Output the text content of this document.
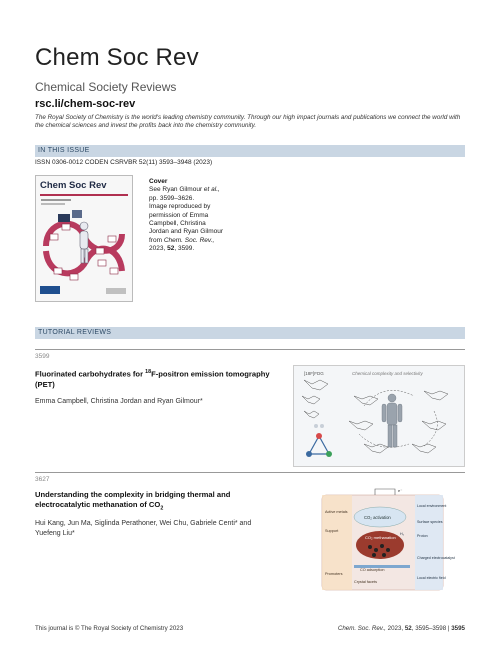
Chem Soc Rev
Chemical Society Reviews
rsc.li/chem-soc-rev
The Royal Society of Chemistry is the world's leading chemistry community. Through our high impact journals and publications we connect the world with the chemical sciences and invest the profits back into the chemistry community.
IN THIS ISSUE
ISSN 0306-0012 CODEN CSRVBR 52(11) 3593–3948 (2023)
Chem Soc Rev	Cover
See Ryan Gilmour et al.,
pp. 3599–3626.
Image reproduced by
permission of Emma
Campbell, Christina
Jordan and Ryan Gilmour
from Chem. Soc. Rev.,
2023, 52, 3599.
TUTORIAL REVIEWS
3599
Fluorinated carbohydrates for $^{18}$F-positron emission tomography (PET)
Emma Campbell, Christina Jordan and Ryan Gilmour*
Chemical complexity and selectivity
[18F]FDG
3627
Understanding the complexity in bridging thermal and electrocatalytic methanation of $CO_2$
Hui Kang, Jun Ma, Siglinda Perathoner, Wei Chu, Gabriele Centi* and Yuefeng Liu*
e⁻
CO₂ activation
Active metals
Support
CO₂ methanation
Promoters
Crystal facets
CO adsorption
Local environment
Surface species
Proton
Charged electrocatalyst
Local electric field
H₂
This journal is © The Royal Society of Chemistry 2023	Chem. Soc. Rev., 2023, 52, 3595–3598 | 3595
